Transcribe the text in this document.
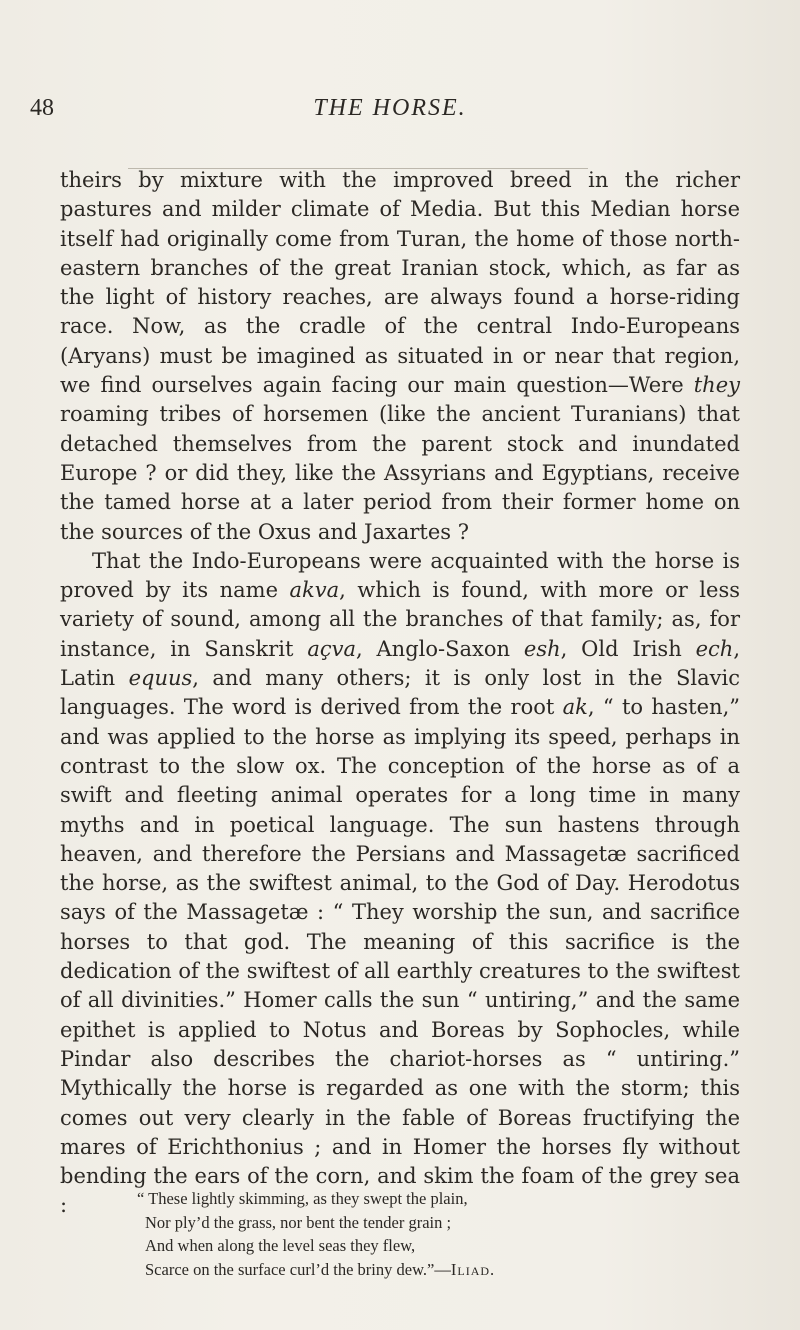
48	THE HORSE.

theirs by mixture with the improved breed in the richer pastures and milder climate of Media. But this Median horse itself had originally come from Turan, the home of those north-eastern branches of the great Iranian stock, which, as far as the light of history reaches, are always found a horse-riding race. Now, as the cradle of the central Indo-Europeans (Aryans) must be imagined as situated in or near that region, we find ourselves again facing our main question—Were they roaming tribes of horsemen (like the ancient Turanians) that detached themselves from the parent stock and inundated Europe ? or did they, like the Assyrians and Egyptians, receive the tamed horse at a later period from their former home on the sources of the Oxus and Jaxartes ?

That the Indo-Europeans were acquainted with the horse is proved by its name akva, which is found, with more or less variety of sound, among all the branches of that family; as, for instance, in Sanskrit açva, Anglo-Saxon esh, Old Irish ech, Latin equus, and many others; it is only lost in the Slavic languages. The word is derived from the root ak, “ to hasten,” and was applied to the horse as implying its speed, perhaps in contrast to the slow ox. The conception of the horse as of a swift and fleeting animal operates for a long time in many myths and in poetical language. The sun hastens through heaven, and therefore the Persians and Massagetæ sacrificed the horse, as the swiftest animal, to the God of Day. Herodotus says of the Massagetæ : “ They worship the sun, and sacrifice horses to that god. The meaning of this sacrifice is the dedication of the swiftest of all earthly creatures to the swiftest of all divinities.” Homer calls the sun “ untiring,” and the same epithet is applied to Notus and Boreas by Sophocles, while Pindar also describes the chariot-horses as “ untiring.” Mythically the horse is regarded as one with the storm; this comes out very clearly in the fable of Boreas fructifying the mares of Erichthonius ; and in Homer the horses fly without bending the ears of the corn, and skim the foam of the grey sea :	“ These lightly skimming, as they swept the plain,
Nor ply’d the grass, nor bent the tender grain ;
And when along the level seas they flew,
Scarce on the surface curl’d the briny dew.”—Iliad.
